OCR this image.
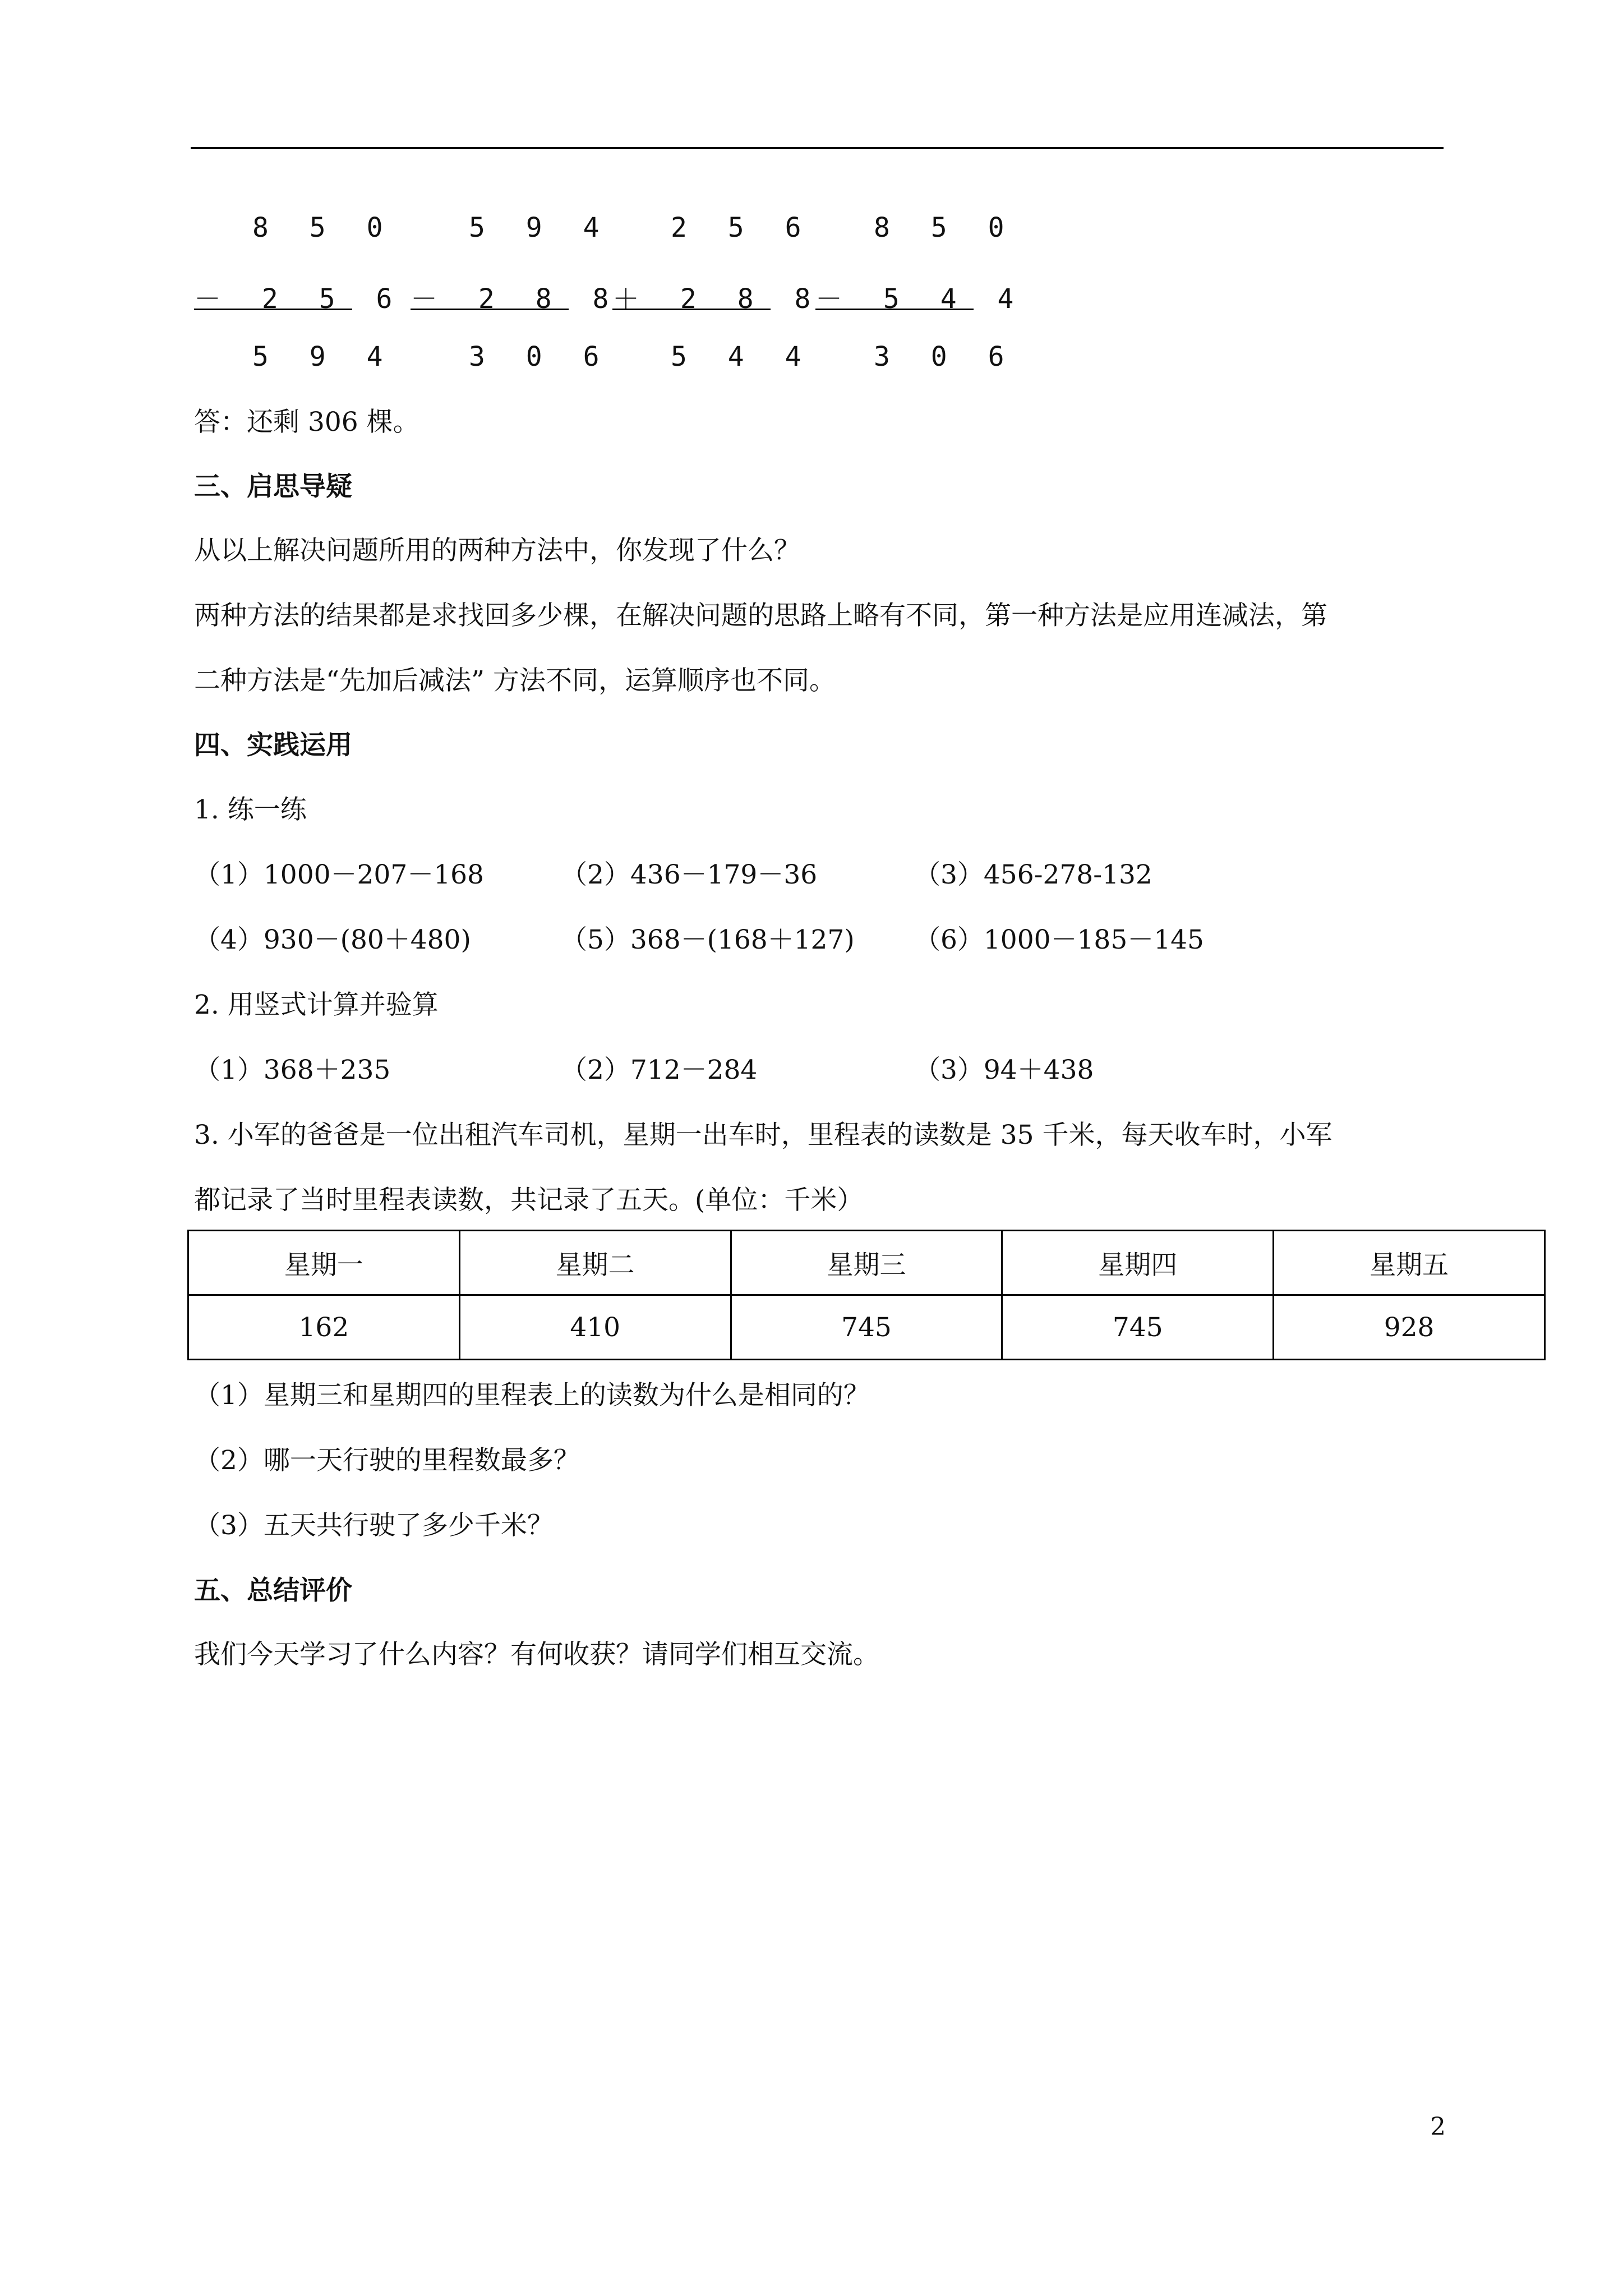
8 5 0
－ 2 5 6
5 9 4
5 9 4
－ 2 8 8
3 0 6
2 5 6
＋ 2 8 8
5 4 4
8 5 0
－ 5 4 4
3 0 6
答：还剩 306 棵。
三、启思导疑
从以上解决问题所用的两种方法中，你发现了什么？
两种方法的结果都是求找回多少棵，在解决问题的思路上略有不同，第一种方法是应用连减法，第
二种方法是“先加后减法” 方法不同，运算顺序也不同。
四、实践运用
1. 练一练
（1）1000－207－168	（2）436－179－36	（3）456-278-132
（4）930－(80＋480)	（5）368－(168＋127) （6）1000－185－145
2. 用竖式计算并验算
（1）368＋235	（2）712－284	（3）94＋438
3. 小军的爸爸是一位出租汽车司机，星期一出车时，里程表的读数是 35 千米，每天收车时，小军
都记录了当时里程表读数，共记录了五天。(单位：千米）
星期一	星期二	星期三	星期四	星期五
162	410	745	745	928
（1）星期三和星期四的里程表上的读数为什么是相同的？
（2）哪一天行驶的里程数最多？
（3）五天共行驶了多少千米？
五、总结评价
我们今天学习了什么内容？有何收获？请同学们相互交流。
2
